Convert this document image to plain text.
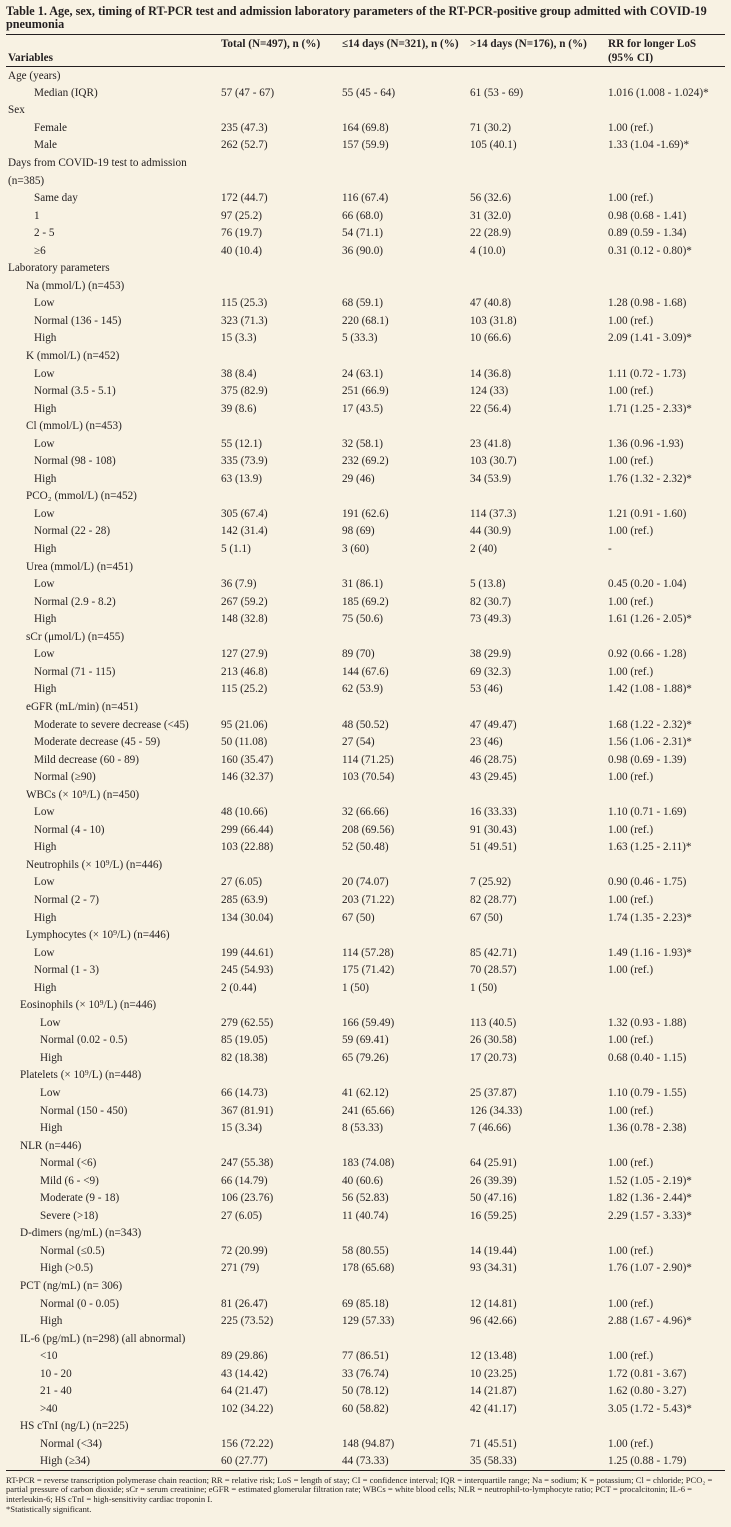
Table 1. Age, sex, timing of RT-PCR test and admission laboratory parameters of the RT-PCR-positive group admitted with COVID-19 pneumonia
Variables	Total (N=497), n (%)	≤14 days (N=321), n (%)	>14 days (N=176), n (%)	RR for longer LoS (95% CI)
Age (years)				
Median (IQR)	57 (47 - 67)	55 (45 - 64)	61 (53 - 69)	1.016 (1.008 - 1.024)*
Sex				
Female	235 (47.3)	164 (69.8)	71 (30.2)	1.00 (ref.)
Male	262 (52.7)	157 (59.9)	105 (40.1)	1.33 (1.04 -1.69)*
Days from COVID-19 test to admission				
(n=385)				
Same day	172 (44.7)	116 (67.4)	56 (32.6)	1.00 (ref.)
1	97 (25.2)	66 (68.0)	31 (32.0)	0.98 (0.68 - 1.41)
2 - 5	76 (19.7)	54 (71.1)	22 (28.9)	0.89 (0.59 - 1.34)
≥6	40 (10.4)	36 (90.0)	4 (10.0)	0.31 (0.12 - 0.80)*
Laboratory parameters				
Na (mmol/L) (n=453)				
Low	115 (25.3)	68 (59.1)	47 (40.8)	1.28 (0.98 - 1.68)
Normal (136 - 145)	323 (71.3)	220 (68.1)	103 (31.8)	1.00 (ref.)
High	15 (3.3)	5 (33.3)	10 (66.6)	2.09 (1.41 - 3.09)*
K (mmol/L) (n=452)				
Low	38 (8.4)	24 (63.1)	14 (36.8)	1.11 (0.72 - 1.73)
Normal (3.5 - 5.1)	375 (82.9)	251 (66.9)	124 (33)	1.00 (ref.)
High	39 (8.6)	17 (43.5)	22 (56.4)	1.71 (1.25 - 2.33)*
Cl (mmol/L) (n=453)				
Low	55 (12.1)	32 (58.1)	23 (41.8)	1.36 (0.96 -1.93)
Normal (98 - 108)	335 (73.9)	232 (69.2)	103 (30.7)	1.00 (ref.)
High	63 (13.9)	29 (46)	34 (53.9)	1.76 (1.32 - 2.32)*
PCO₂ (mmol/L) (n=452)				
Low	305 (67.4)	191 (62.6)	114 (37.3)	1.21 (0.91 - 1.60)
Normal (22 - 28)	142 (31.4)	98 (69)	44 (30.9)	1.00 (ref.)
High	5 (1.1)	3 (60)	2 (40)	-
Urea (mmol/L) (n=451)				
Low	36 (7.9)	31 (86.1)	5 (13.8)	0.45 (0.20 - 1.04)
Normal (2.9 - 8.2)	267 (59.2)	185 (69.2)	82 (30.7)	1.00 (ref.)
High	148 (32.8)	75 (50.6)	73 (49.3)	1.61 (1.26 - 2.05)*
sCr (μmol/L) (n=455)				
Low	127 (27.9)	89 (70)	38 (29.9)	0.92 (0.66 - 1.28)
Normal (71 - 115)	213 (46.8)	144 (67.6)	69 (32.3)	1.00 (ref.)
High	115 (25.2)	62 (53.9)	53 (46)	1.42 (1.08 - 1.88)*
eGFR (mL/min) (n=451)				
Moderate to severe decrease (<45)	95 (21.06)	48 (50.52)	47 (49.47)	1.68 (1.22 - 2.32)*
Moderate decrease (45 - 59)	50 (11.08)	27 (54)	23 (46)	1.56 (1.06 - 2.31)*
Mild decrease (60 - 89)	160 (35.47)	114 (71.25)	46 (28.75)	0.98 (0.69 - 1.39)
Normal (≥90)	146 (32.37)	103 (70.54)	43 (29.45)	1.00 (ref.)
WBCs (× 10⁹/L) (n=450)				
Low	48 (10.66)	32 (66.66)	16 (33.33)	1.10 (0.71 - 1.69)
Normal (4 - 10)	299 (66.44)	208 (69.56)	91 (30.43)	1.00 (ref.)
High	103 (22.88)	52 (50.48)	51 (49.51)	1.63 (1.25 - 2.11)*
Neutrophils (× 10⁹/L) (n=446)				
Low	27 (6.05)	20 (74.07)	7 (25.92)	0.90 (0.46 - 1.75)
Normal (2 - 7)	285 (63.9)	203 (71.22)	82 (28.77)	1.00 (ref.)
High	134 (30.04)	67 (50)	67 (50)	1.74 (1.35 - 2.23)*
Lymphocytes (× 10⁹/L) (n=446)				
Low	199 (44.61)	114 (57.28)	85 (42.71)	1.49 (1.16 - 1.93)*
Normal (1 - 3)	245 (54.93)	175 (71.42)	70 (28.57)	1.00 (ref.)
High	2 (0.44)	1 (50)	1 (50)	
Eosinophils (× 10⁹/L) (n=446)				
Low	279 (62.55)	166 (59.49)	113 (40.5)	1.32 (0.93 - 1.88)
Normal (0.02 - 0.5)	85 (19.05)	59 (69.41)	26 (30.58)	1.00 (ref.)
High	82 (18.38)	65 (79.26)	17 (20.73)	0.68 (0.40 - 1.15)
Platelets (× 10⁹/L) (n=448)				
Low	66 (14.73)	41 (62.12)	25 (37.87)	1.10 (0.79 - 1.55)
Normal (150 - 450)	367 (81.91)	241 (65.66)	126 (34.33)	1.00 (ref.)
High	15 (3.34)	8 (53.33)	7 (46.66)	1.36 (0.78 - 2.38)
NLR (n=446)				
Normal (<6)	247 (55.38)	183 (74.08)	64 (25.91)	1.00 (ref.)
Mild (6 - <9)	66 (14.79)	40 (60.6)	26 (39.39)	1.52 (1.05 - 2.19)*
Moderate (9 - 18)	106 (23.76)	56 (52.83)	50 (47.16)	1.82 (1.36 - 2.44)*
Severe (>18)	27 (6.05)	11 (40.74)	16 (59.25)	2.29 (1.57 - 3.33)*
D-dimers (ng/mL) (n=343)				
Normal (≤0.5)	72 (20.99)	58 (80.55)	14 (19.44)	1.00 (ref.)
High (>0.5)	271 (79)	178 (65.68)	93 (34.31)	1.76 (1.07 - 2.90)*
PCT (ng/mL) (n= 306)				
Normal (0 - 0.05)	81 (26.47)	69 (85.18)	12 (14.81)	1.00 (ref.)
High	225 (73.52)	129 (57.33)	96 (42.66)	2.88 (1.67 - 4.96)*
IL-6 (pg/mL) (n=298) (all abnormal)				
<10	89 (29.86)	77 (86.51)	12 (13.48)	1.00 (ref.)
10 - 20	43 (14.42)	33 (76.74)	10 (23.25)	1.72 (0.81 - 3.67)
21 - 40	64 (21.47)	50 (78.12)	14 (21.87)	1.62 (0.80 - 3.27)
>40	102 (34.22)	60 (58.82)	42 (41.17)	3.05 (1.72 - 5.43)*
HS cTnI (ng/L) (n=225)				
Normal (<34)	156 (72.22)	148 (94.87)	71 (45.51)	1.00 (ref.)
High (≥34)	60 (27.77)	44 (73.33)	35 (58.33)	1.25 (0.88 - 1.79)
RT-PCR = reverse transcription polymerase chain reaction; RR = relative risk; LoS = length of stay; CI = confidence interval; IQR = interquartile range; Na = sodium; K = potassium; Cl = chloride; PCO₂ = partial pressure of carbon dioxide; sCr = serum creatinine; eGFR = estimated glomerular filtration rate; WBCs = white blood cells; NLR = neutrophil-to-lymphocyte ratio; PCT = procalcitonin; IL-6 = interleukin-6; HS cTnI = high-sensitivity cardiac troponin I.
*Statistically significant.
